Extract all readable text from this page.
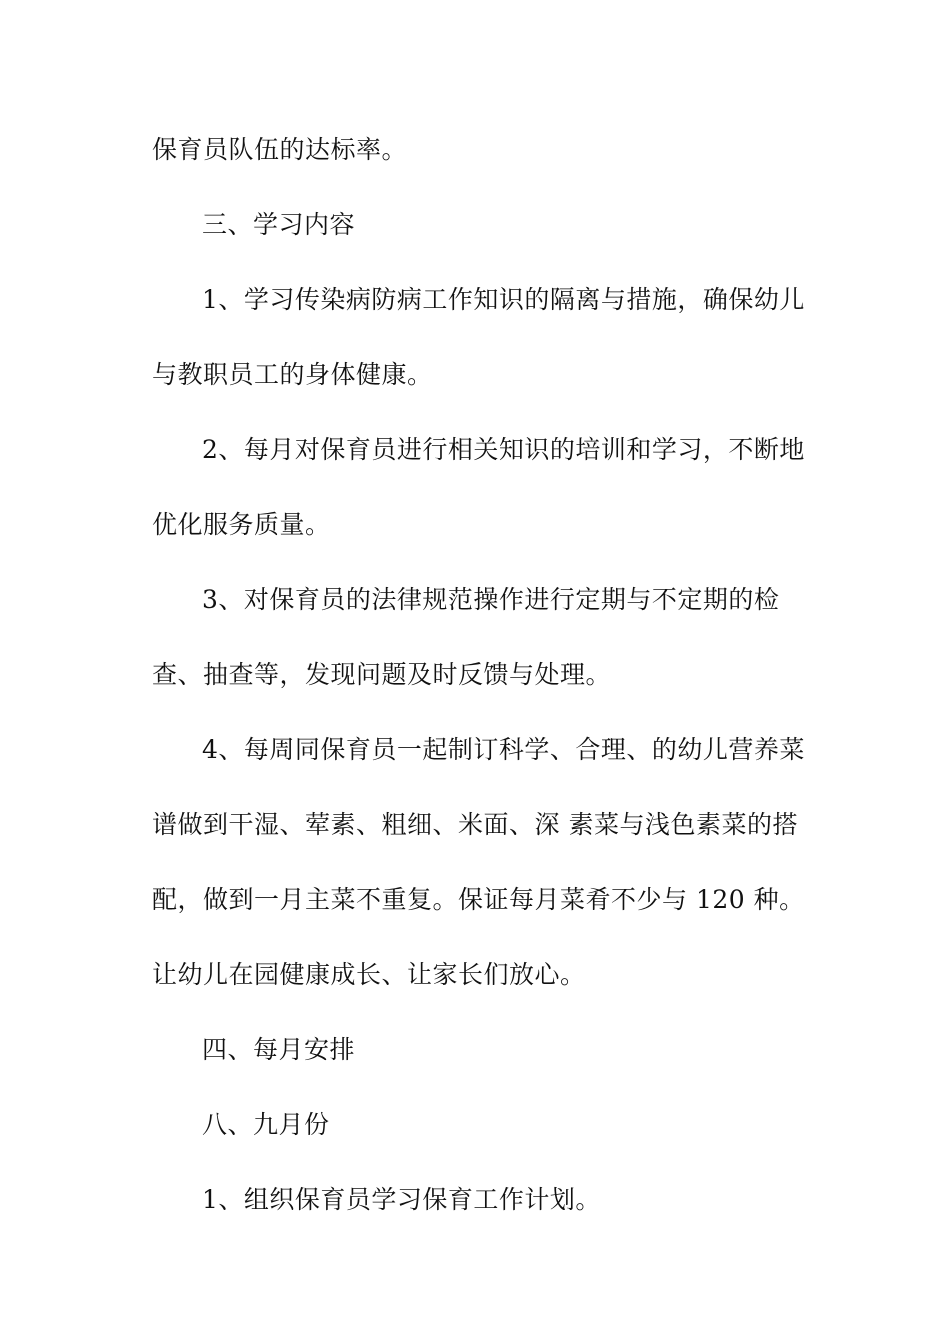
保育员队伍的达标率。
三、学习内容
1、学习传染病防病工作知识的隔离与措施，确保幼儿
与教职员工的身体健康。
2、每月对保育员进行相关知识的培训和学习，不断地
优化服务质量。
3、对保育员的法律规范操作进行定期与不定期的检
查、抽查等，发现问题及时反馈与处理。
4、每周同保育员一起制订科学、合理、的幼儿营养菜
谱做到干湿、荤素、粗细、米面、深 素菜与浅色素菜的搭
配，做到一月主菜不重复。保证每月菜肴不少与 120 种。
让幼儿在园健康成长、让家长们放心。
四、每月安排
八、九月份
1、组织保育员学习保育工作计划。
